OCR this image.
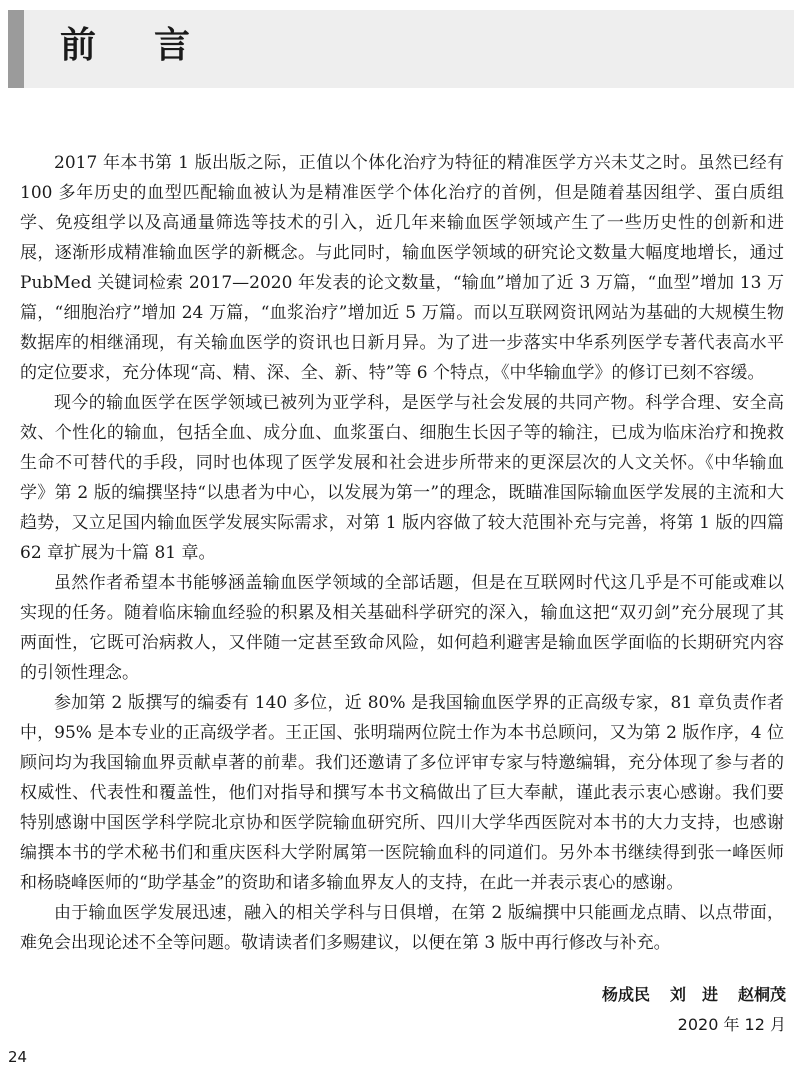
前言

2017 年本书第 1 版出版之际，正值以个体化治疗为特征的精准医学方兴未艾之时。虽然已经有 100 多年历史的血型匹配输血被认为是精准医学个体化治疗的首例，但是随着基因组学、蛋白质组学、免疫组学以及高通量筛选等技术的引入，近几年来输血医学领域产生了一些历史性的创新和进展，逐渐形成精准输血医学的新概念。与此同时，输血医学领域的研究论文数量大幅度地增长，通过 PubMed 关键词检索 2017—2020 年发表的论文数量，“输血”增加了近 3 万篇，“血型”增加 13 万篇，“细胞治疗”增加 24 万篇，“血浆治疗”增加近 5 万篇。而以互联网资讯网站为基础的大规模生物数据库的相继涌现，有关输血医学的资讯也日新月异。为了进一步落实中华系列医学专著代表高水平的定位要求，充分体现“高、精、深、全、新、特”等 6 个特点，《中华输血学》的修订已刻不容缓。

现今的输血医学在医学领域已被列为亚学科，是医学与社会发展的共同产物。科学合理、安全高效、个性化的输血，包括全血、成分血、血浆蛋白、细胞生长因子等的输注，已成为临床治疗和挽救生命不可替代的手段，同时也体现了医学发展和社会进步所带来的更深层次的人文关怀。《中华输血学》第 2 版的编撰坚持“以患者为中心，以发展为第一”的理念，既瞄准国际输血医学发展的主流和大趋势，又立足国内输血医学发展实际需求，对第 1 版内容做了较大范围补充与完善，将第 1 版的四篇 62 章扩展为十篇 81 章。

虽然作者希望本书能够涵盖输血医学领域的全部话题，但是在互联网时代这几乎是不可能或难以实现的任务。随着临床输血经验的积累及相关基础科学研究的深入，输血这把“双刃剑”充分展现了其两面性，它既可治病救人，又伴随一定甚至致命风险，如何趋利避害是输血医学面临的长期研究内容的引领性理念。

参加第 2 版撰写的编委有 140 多位，近 80% 是我国输血医学界的正高级专家，81 章负责作者中，95% 是本专业的正高级学者。王正国、张明瑞两位院士作为本书总顾问，又为第 2 版作序，4 位顾问均为我国输血界贡献卓著的前辈。我们还邀请了多位评审专家与特邀编辑，充分体现了参与者的权威性、代表性和覆盖性，他们对指导和撰写本书文稿做出了巨大奉献，谨此表示衷心感谢。我们要特别感谢中国医学科学院北京协和医学院输血研究所、四川大学华西医院对本书的大力支持，也感谢编撰本书的学术秘书们和重庆医科大学附属第一医院输血科的同道们。另外本书继续得到张一峰医师和杨晓峰医师的“助学基金”的资助和诸多输血界友人的支持，在此一并表示衷心的感谢。

由于输血医学发展迅速，融入的相关学科与日俱增，在第 2 版编撰中只能画龙点睛、以点带面，难免会出现论述不全等问题。敬请读者们多赐建议，以便在第 3 版中再行修改与补充。

杨成民 刘　进 赵桐茂
2020 年 12 月
24
